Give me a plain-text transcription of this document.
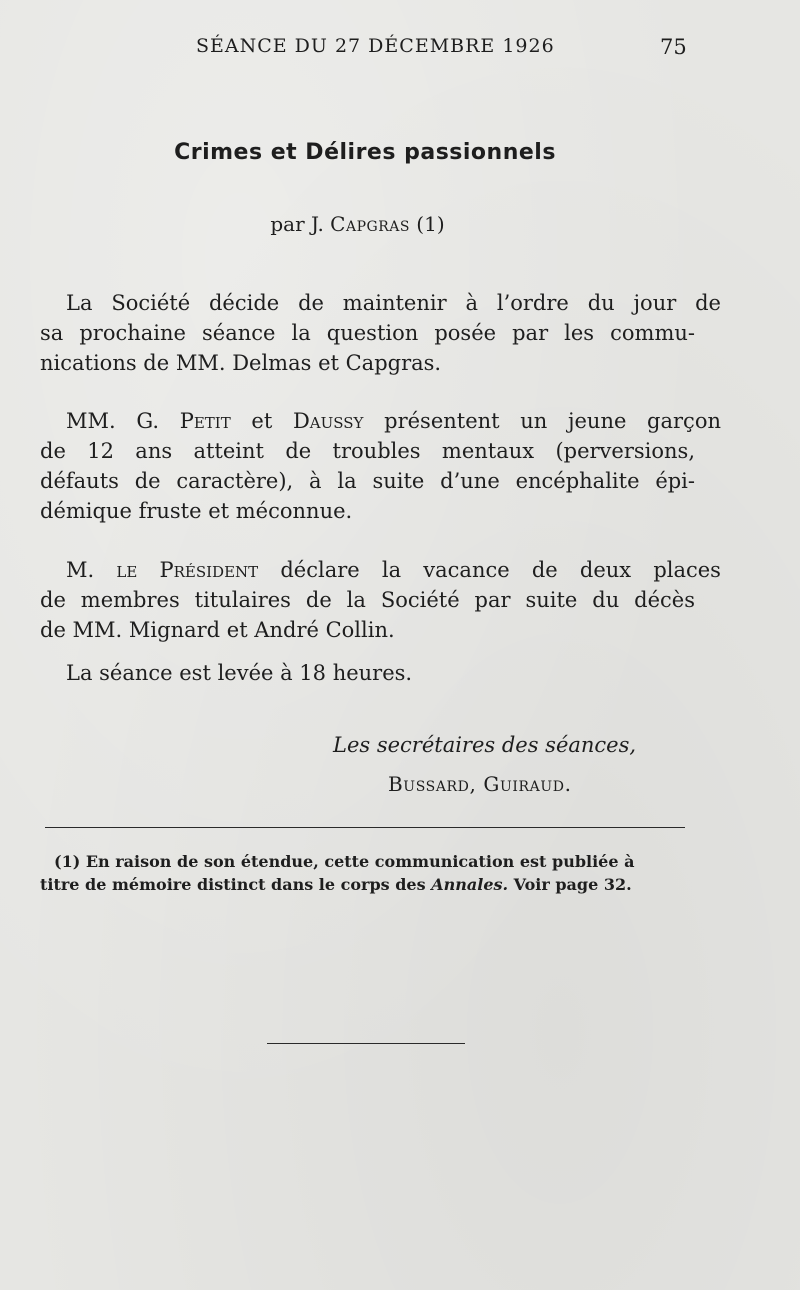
SÉANCE DU 27 DÉCEMBRE 1926	75
Crimes et Délires passionnels
par J. Capgras (1)
La Société décide de maintenir à l’ordre du jour de
sa prochaine séance la question posée par les commu-
nications de MM. Delmas et Capgras.
MM. G. Petit et Daussy présentent un jeune garçon
de 12 ans atteint de troubles mentaux (perversions,
défauts de caractère), à la suite d’une encéphalite épi-
démique fruste et méconnue.
M. le Président déclare la vacance de deux places
de membres titulaires de la Société par suite du décès
de MM. Mignard et André Collin.
La séance est levée à 18 heures.
Les secrétaires des séances,
Bussard, Guiraud.
(1) En raison de son étendue, cette communication est publiée à
titre de mémoire distinct dans le corps des Annales. Voir page 32.
